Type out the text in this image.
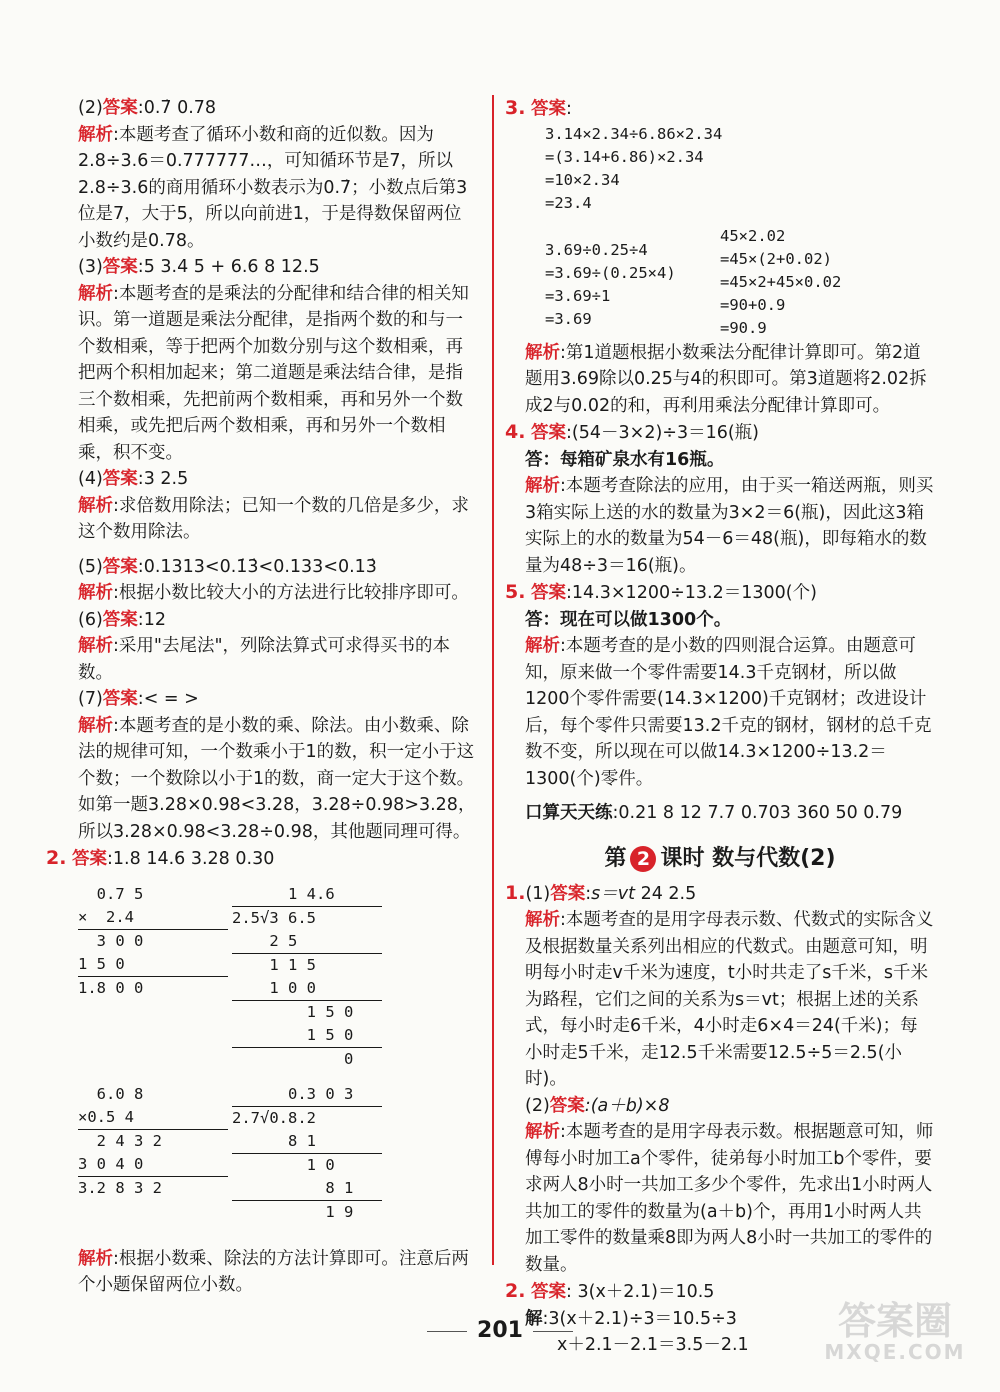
(2)答案:0.7̇ 0.78

解析:本题考查了循环小数和商的近似数。因为2.8÷3.6＝0.777777…，可知循环节是7，所以2.8÷3.6的商用循环小数表示为0.7̇；小数点后第3位是7，大于5，所以向前进1，于是得数保留两位小数约是0.78。

(3)答案:5 3.4 5 + 6.6 8 12.5

解析:本题考查的是乘法的分配律和结合律的相关知识。第一道题是乘法分配律，是指两个数的和与一个数相乘，等于把两个加数分别与这个数相乘，再把两个积相加起来；第二道题是乘法结合律，是指三个数相乘，先把前两个数相乘，再和另外一个数相乘，或先把后两个数相乘，再和另外一个数相乘，积不变。

(4)答案:3 2.5

解析:求倍数用除法；已知一个数的几倍是多少，求这个数用除法。

(5)答案:0.1313<0.1̇3̇<0.133<0.13̇

解析:根据小数比较大小的方法进行比较排序即可。

(6)答案:12

解析:采用"去尾法"，列除法算式可求得买书的本数。

(7)答案:< = >

解析:本题考查的是小数的乘、除法。由小数乘、除法的规律可知，一个数乘小于1的数，积一定小于这个数；一个数除以小于1的数，商一定大于这个数。如第一题3.28×0.98<3.28，3.28÷0.98>3.28，所以3.28×0.98<3.28÷0.98，其他题同理可得。

2. 答案:1.8 14.6 3.28 0.30

0.7 5
×  2.4
3 0 0
1 5 0
1.8 0 0
1 4.6
2.5√3 6.5
2 5
1 1 5
1 0 0
1 5 0
1 5 0
0
6.0 8
×0.5 4
2 4 3 2
3 0 4 0
3.2 8 3 2
0.3 0 3
2.7√0.8.2
8 1
1 0
8 1
1 9

解析:根据小数乘、除法的方法计算即可。注意后两个小题保留两位小数。

3. 答案:

3.14×2.34÷6.86×2.34
=(3.14+6.86)×2.34
=10×2.34
=23.4
3.69÷0.25÷4
=3.69÷(0.25×4)
=3.69÷1
=3.69
45×2.02
=45×(2+0.02)
=45×2+45×0.02
=90+0.9
=90.9

解析:第1道题根据小数乘法分配律计算即可。第2道题用3.69除以0.25与4的积即可。第3道题将2.02拆成2与0.02的和，再利用乘法分配律计算即可。

4. 答案:(54－3×2)÷3＝16(瓶)

答：每箱矿泉水有16瓶。

解析:本题考查除法的应用，由于买一箱送两瓶，则买3箱实际上送的水的数量为3×2＝6(瓶)，因此这3箱实际上的水的数量为54－6＝48(瓶)，即每箱水的数量为48÷3＝16(瓶)。

5. 答案:14.3×1200÷13.2＝1300(个)

答：现在可以做1300个。

解析:本题考查的是小数的四则混合运算。由题意可知，原来做一个零件需要14.3千克钢材，所以做1200个零件需要(14.3×1200)千克钢材；改进设计后，每个零件只需要13.2千克的钢材，钢材的总千克数不变，所以现在可以做14.3×1200÷13.2＝1300(个)零件。

口算天天练:0.21 8 12 7.7 0.703 360 50 0.79

第 2 课时 数与代数(2)

1.(1)答案:s＝vt 24 2.5

解析:本题考查的是用字母表示数、代数式的实际含义及根据数量关系列出相应的代数式。由题意可知，明明每小时走v千米为速度，t小时共走了s千米，s千米为路程，它们之间的关系为s＝vt；根据上述的关系式，每小时走6千米，4小时走6×4＝24(千米)；每小时走5千米，走12.5千米需要12.5÷5＝2.5(小时)。

(2)答案:(a＋b)×8

解析:本题考查的是用字母表示数。根据题意可知，师傅每小时加工a个零件，徒弟每小时加工b个零件，要求两人8小时一共加工多少个零件，先求出1小时两人共加工的零件的数量为(a＋b)个，再用1小时两人共加工零件的数量乘8即为两人8小时一共加工的零件的数量。

2. 答案: 3(x＋2.1)＝10.5

解:3(x＋2.1)÷3＝10.5÷3

x＋2.1－2.1＝3.5－2.1

201	答案圈
MXQE.COM
